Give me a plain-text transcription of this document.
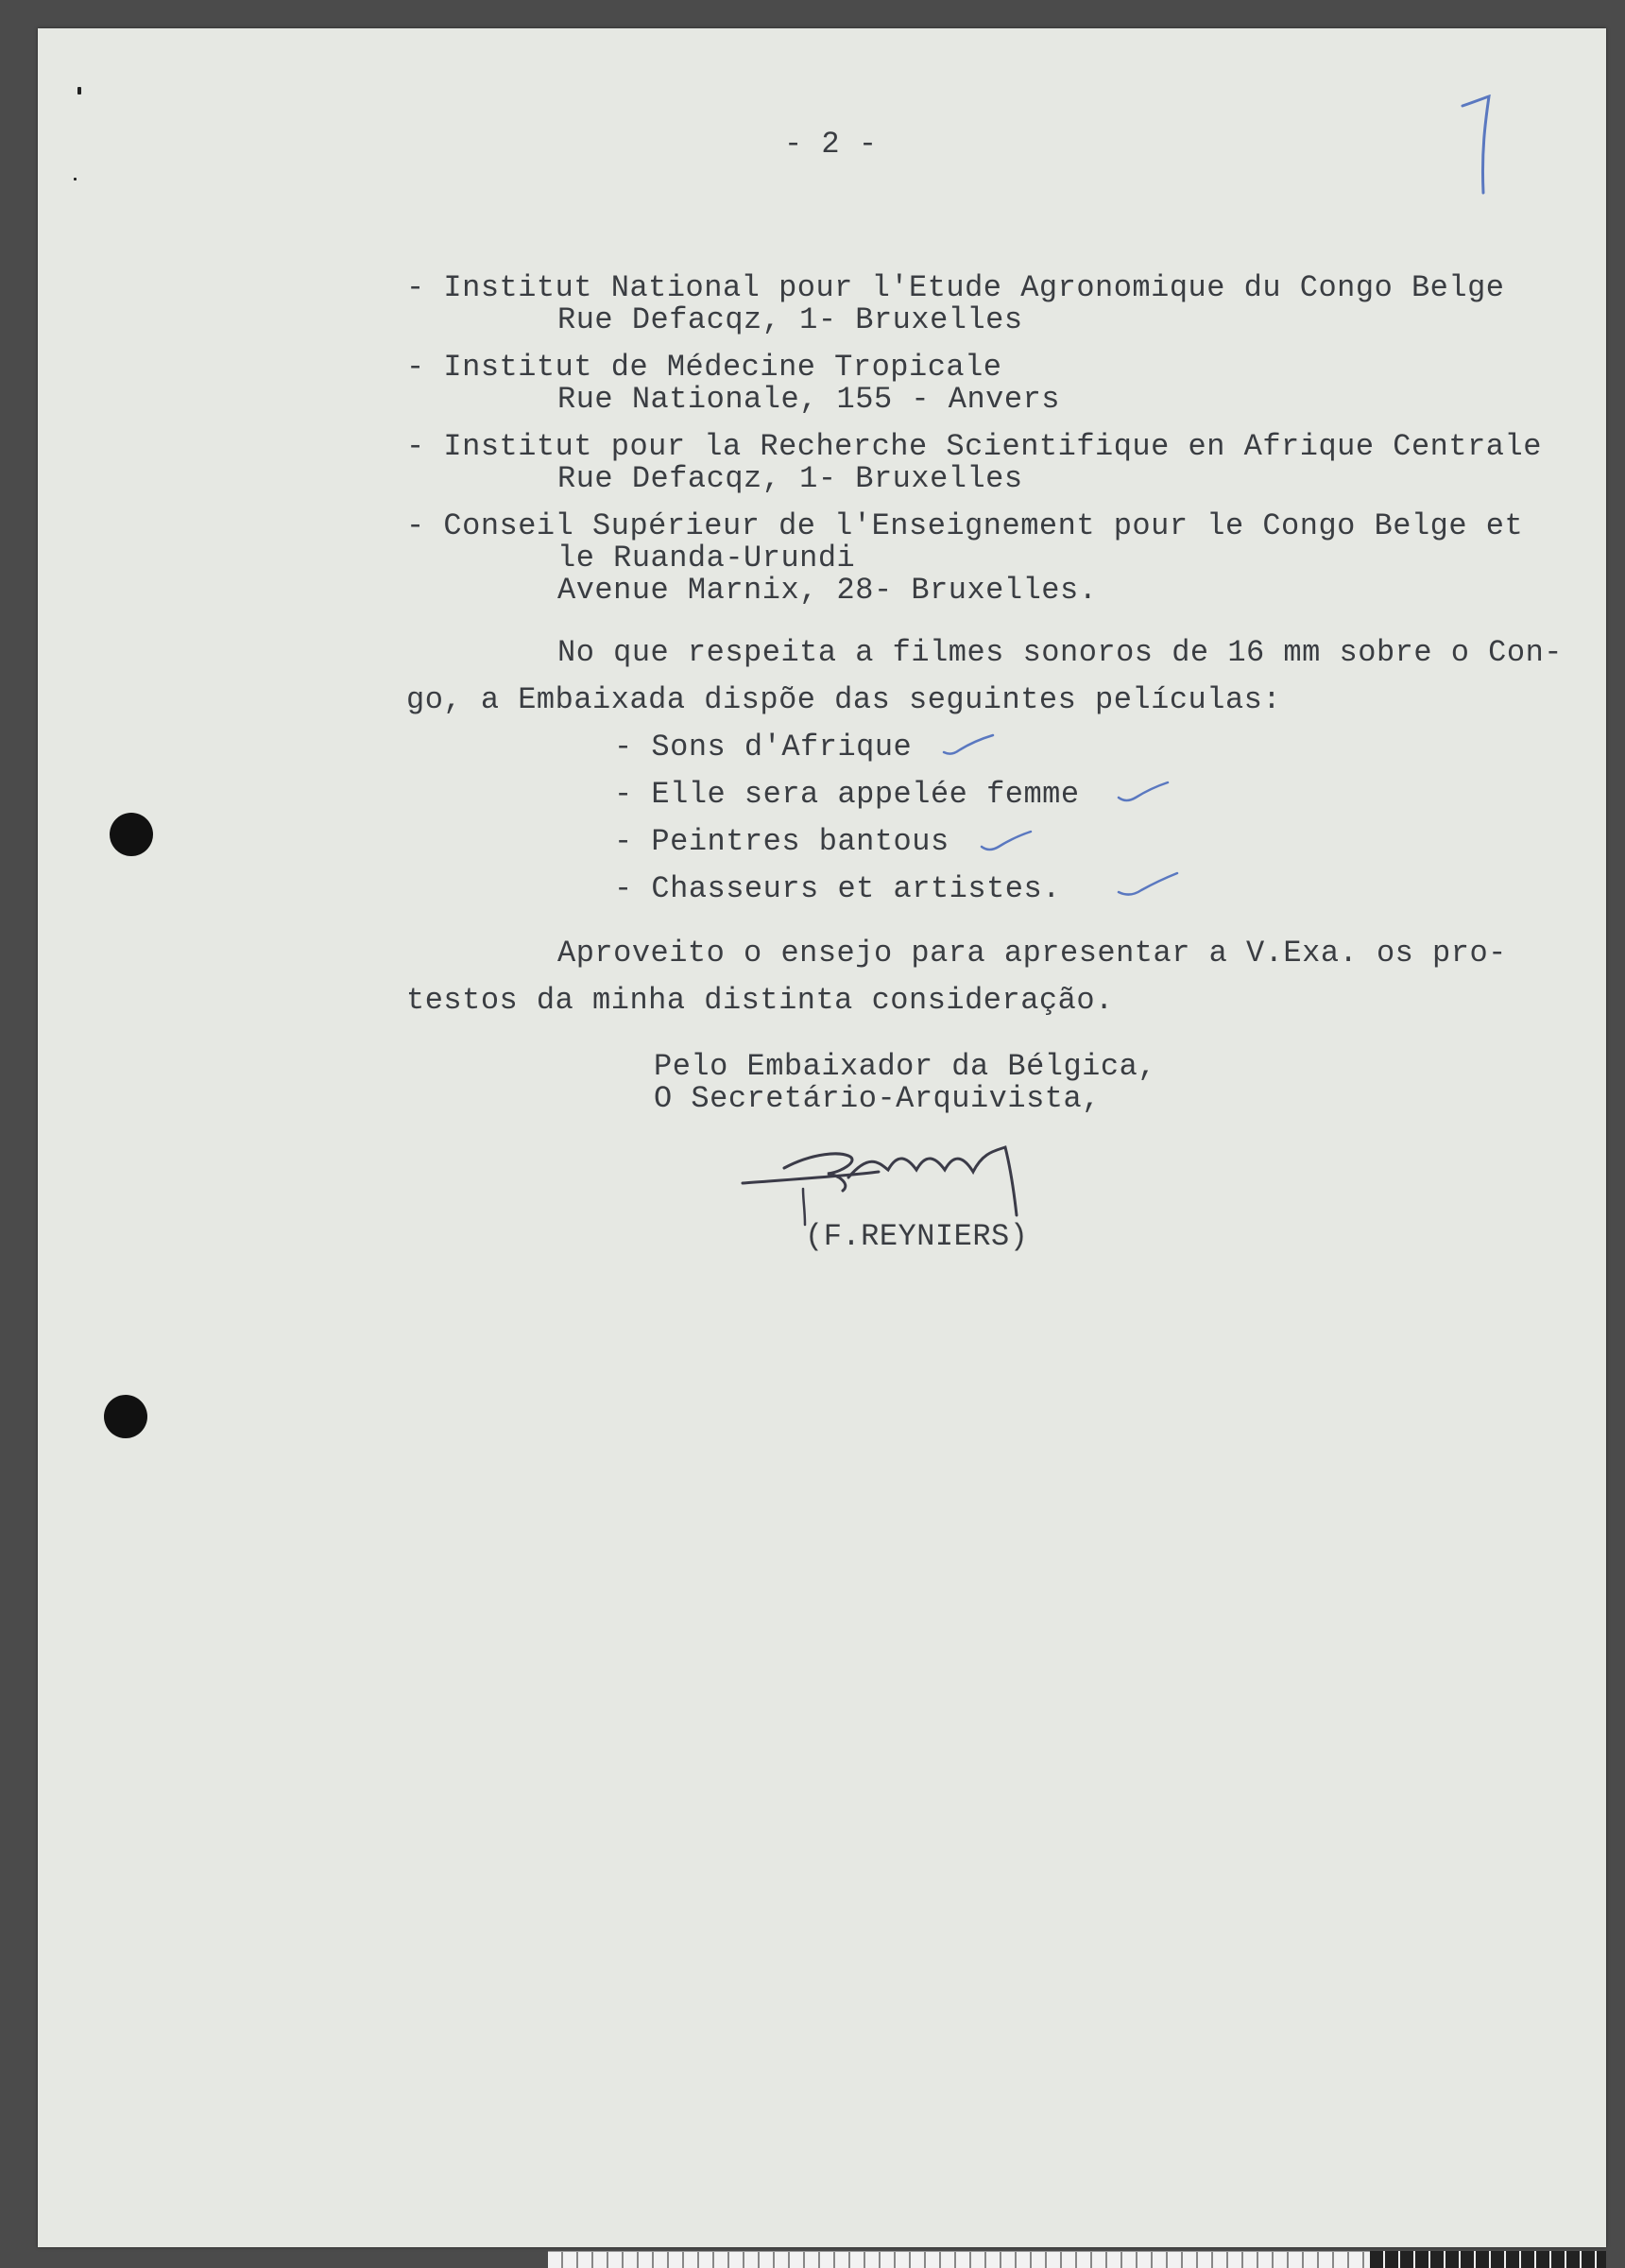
- 2 -
- Institut National pour l'Etude Agronomique du Congo Belge
Rue Defacqz, 1- Bruxelles
- Institut de Médecine Tropicale
Rue Nationale, 155 - Anvers
- Institut pour la Recherche Scientifique en Afrique Centrale
Rue Defacqz, 1- Bruxelles
- Conseil Supérieur de l'Enseignement pour le Congo Belge et
le Ruanda-Urundi
Avenue Marnix, 28- Bruxelles.
No que respeita a filmes sonoros de 16 mm sobre o Con-
go, a Embaixada dispõe das seguintes películas:
- Sons d'Afrique
- Elle sera appelée femme
- Peintres bantous
- Chasseurs et artistes.
Aproveito o ensejo para apresentar a V.Exa. os pro-
testos da minha distinta consideração.
Pelo Embaixador da Bélgica,
O Secretário-Arquivista,
(F.REYNIERS)
